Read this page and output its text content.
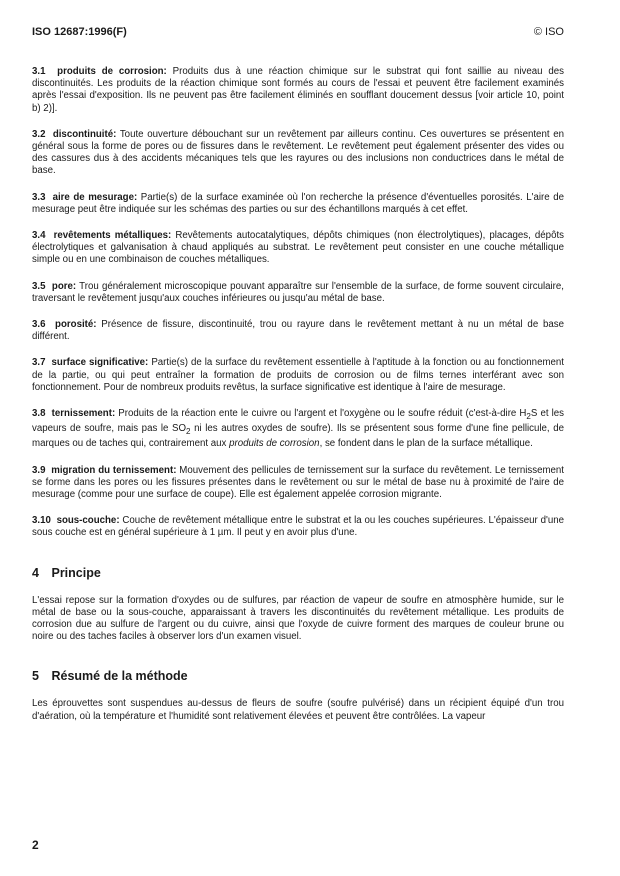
ISO 12687:1996(F)	© ISO

3.1 produits de corrosion: Produits dus à une réaction chimique sur le substrat qui font saillie au niveau des discontinuités. Les produits de la réaction chimique sont formés au cours de l'essai et peuvent être facilement examinés après l'essai d'exposition. Ils ne peuvent pas être facilement éliminés en soufflant doucement dessus [voir article 10, point b) 2)].

3.2 discontinuité: Toute ouverture débouchant sur un revêtement par ailleurs continu. Ces ouvertures se présentent en général sous la forme de pores ou de fissures dans le revêtement. Le revêtement peut également présenter des vides ou des cassures dus à des accidents mécaniques tels que les rayures ou des inclusions non conductrices dans le métal de base.

3.3 aire de mesurage: Partie(s) de la surface examinée où l'on recherche la présence d'éventuelles porosités. L'aire de mesurage peut être indiquée sur les schémas des parties ou sur des échantillons marqués à cet effet.

3.4 revêtements métalliques: Revêtements autocatalytiques, dépôts chimiques (non électrolytiques), placages, dépôts électrolytiques et galvanisation à chaud appliqués au substrat. Le revêtement peut consister en une couche métallique simple ou en une combinaison de couches métalliques.

3.5 pore: Trou généralement microscopique pouvant apparaître sur l'ensemble de la surface, de forme souvent circulaire, traversant le revêtement jusqu'aux couches inférieures ou jusqu'au métal de base.

3.6 porosité: Présence de fissure, discontinuité, trou ou rayure dans le revêtement mettant à nu un métal de base différent.

3.7 surface significative: Partie(s) de la surface du revêtement essentielle à l'aptitude à la fonction ou au fonctionnement de la partie, ou qui peut entraîner la formation de produits de corrosion ou de films ternes interférant avec son fonctionnement. Pour de nombreux produits revêtus, la surface significative est identique à l'aire de mesurage.

3.8 ternissement: Produits de la réaction ente le cuivre ou l'argent et l'oxygène ou le soufre réduit (c'est-à-dire $H_2S$ et les vapeurs de soufre, mais pas le $SO_2$ ni les autres oxydes de soufre). Ils se présentent sous forme d'une fine pellicule, de marques ou de taches qui, contrairement aux produits de corrosion, se fondent dans le plan de la surface métallique.

3.9 migration du ternissement: Mouvement des pellicules de ternissement sur la surface du revêtement. Le ternissement se forme dans les pores ou les fissures présentes dans le revêtement ou sur le métal de base nu à proximité de l'aire de mesurage (comme pour une surface de coupe). Elle est également appelée corrosion migrante.

3.10 sous-couche: Couche de revêtement métallique entre le substrat et la ou les couches supérieures. L'épaisseur d'une sous couche est en général supérieure à 1 µm. Il peut y en avoir plus d'une.

4 Principe

L'essai repose sur la formation d'oxydes ou de sulfures, par réaction de vapeur de soufre en atmosphère humide, sur le métal de base ou la sous-couche, apparaissant à travers les discontinuités du revêtement métallique. Les produits de corrosion due au sulfure de l'argent ou du cuivre, ainsi que l'oxyde de cuivre forment des marques de couleur brune ou noire ou des taches faciles à observer lors d'un examen visuel.

5 Résumé de la méthode

Les éprouvettes sont suspendues au-dessus de fleurs de soufre (soufre pulvérisé) dans un récipient équipé d'un trou d'aération, où la température et l'humidité sont relativement élevées et peuvent être contrôlées. La vapeur

2
